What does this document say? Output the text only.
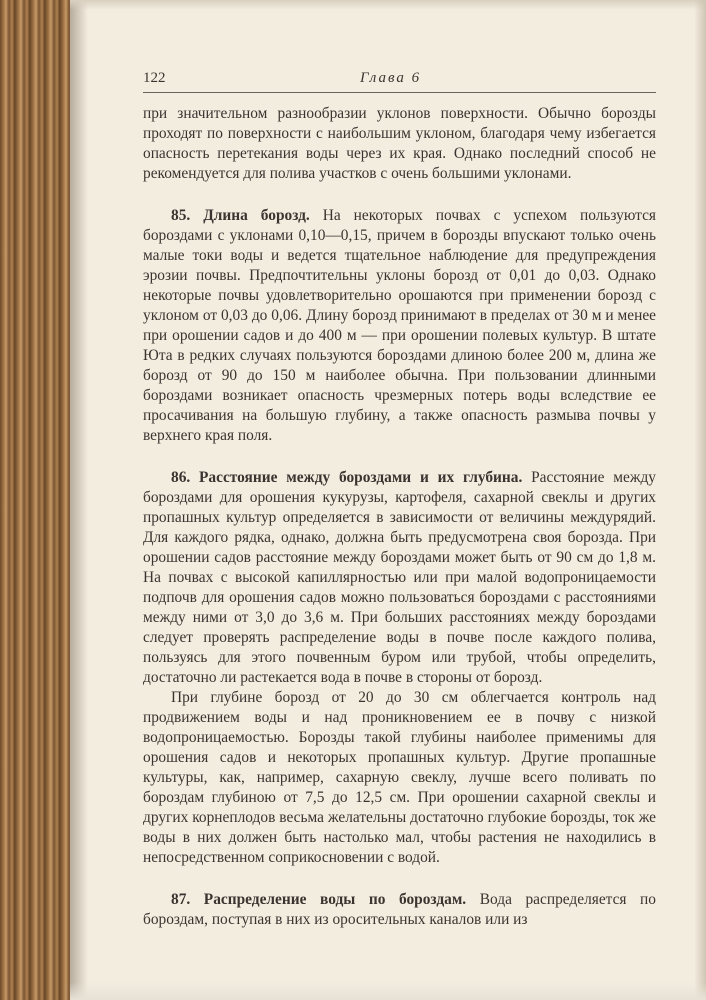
122	Глава 6

при значительном разнообразии уклонов поверхности. Обычно борозды проходят по поверхности с наибольшим уклоном, благодаря чему избегается опасность перетекания воды через их края. Однако последний способ не рекомендуется для полива участков с очень большими уклонами.

85. Длина борозд. На некоторых почвах с успехом пользуются бороздами с уклонами 0,10—0,15, причем в борозды впускают только очень малые токи воды и ведется тщательное наблюдение для предупреждения эрозии почвы. Предпочтительны уклоны борозд от 0,01 до 0,03. Однако некоторые почвы удовлетворительно орошаются при применении борозд с уклоном от 0,03 до 0,06. Длину борозд принимают в пределах от 30 м и менее при орошении садов и до 400 м — при орошении полевых культур. В штате Юта в редких случаях пользуются бороздами длиною более 200 м, длина же борозд от 90 до 150 м наиболее обычна. При пользовании длинными бороздами возникает опасность чрезмерных потерь воды вследствие ее просачивания на большую глубину, а также опасность размыва почвы у верхнего края поля.

86. Расстояние между бороздами и их глубина. Расстояние между бороздами для орошения кукурузы, картофеля, сахарной свеклы и других пропашных культур определяется в зависимости от величины междурядий. Для каждого рядка, однако, должна быть предусмотрена своя борозда. При орошении садов расстояние между бороздами может быть от 90 см до 1,8 м. На почвах с высокой капиллярностью или при малой водопроницаемости подпочв для орошения садов можно пользоваться бороздами с расстояниями между ними от 3,0 до 3,6 м. При больших расстояниях между бороздами следует проверять распределение воды в почве после каждого полива, пользуясь для этого почвенным буром или трубой, чтобы определить, достаточно ли растекается вода в почве в стороны от борозд.

При глубине борозд от 20 до 30 см облегчается контроль над продвижением воды и над проникновением ее в почву с низкой водопроницаемостью. Борозды такой глубины наиболее применимы для орошения садов и некоторых пропашных культур. Другие пропашные культуры, как, например, сахарную свеклу, лучше всего поливать по бороздам глубиною от 7,5 до 12,5 см. При орошении сахарной свеклы и других корнеплодов весьма желательны достаточно глубокие борозды, ток же воды в них должен быть настолько мал, чтобы растения не находились в непосредственном соприкосновении с водой.

87. Распределение воды по бороздам. Вода распределяется по бороздам, поступая в них из оросительных каналов или из
